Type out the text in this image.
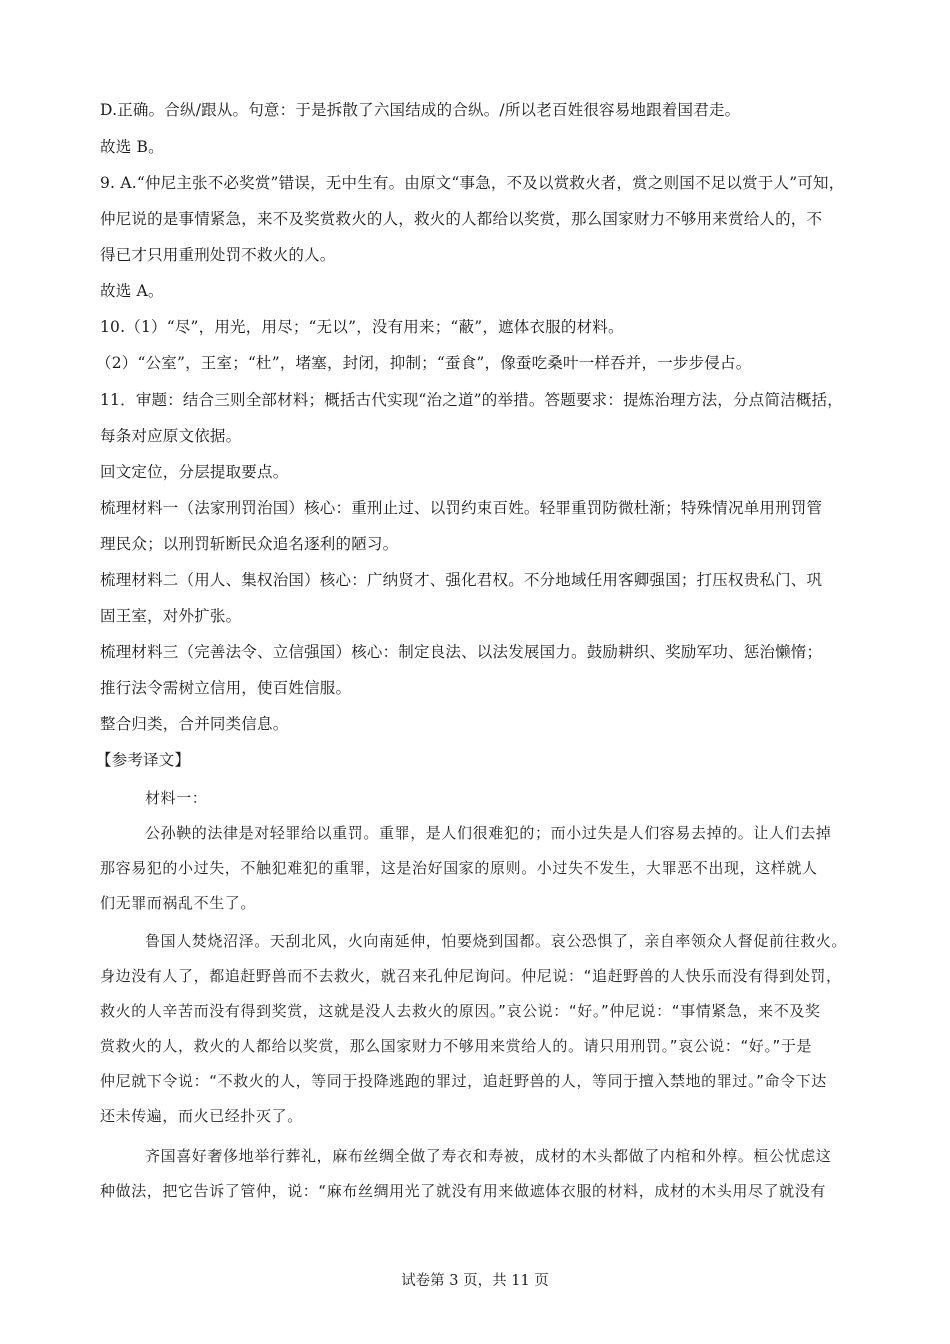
D.正确。合纵/跟从。句意：于是拆散了六国结成的合纵。/所以老百姓很容易地跟着国君走。
故选 B。
9. A.“仲尼主张不必奖赏”错误，无中生有。由原文“事急，不及以赏救火者，赏之则国不足以赏于人”可知，
仲尼说的是事情紧急，来不及奖赏救火的人，救火的人都给以奖赏，那么国家财力不够用来赏给人的，不
得已才只用重刑处罚不救火的人。
故选 A。
10.（1）“尽”，用光，用尽；“无以”，没有用来；“蔽”，遮体衣服的材料。
（2）“公室”，王室；“杜”，堵塞，封闭，抑制；“蚕食”，像蚕吃桑叶一样吞并，一步步侵占。
11．审题：结合三则全部材料；概括古代实现“治之道”的举措。答题要求：提炼治理方法，分点简洁概括，
每条对应原文依据。
回文定位，分层提取要点。
梳理材料一（法家刑罚治国）核心：重刑止过、以罚约束百姓。轻罪重罚防微杜渐；特殊情况单用刑罚管
理民众；以刑罚斩断民众追名逐利的陋习。
梳理材料二（用人、集权治国）核心：广纳贤才、强化君权。不分地域任用客卿强国；打压权贵私门、巩
固王室，对外扩张。
梳理材料三（完善法令、立信强国）核心：制定良法、以法发展国力。鼓励耕织、奖励军功、惩治懒惰；
推行法令需树立信用，使百姓信服。
整合归类，合并同类信息。
【参考译文】
材料一：
公孙鞅的法律是对轻罪给以重罚。重罪，是人们很难犯的；而小过失是人们容易去掉的。让人们去掉
那容易犯的小过失，不触犯难犯的重罪，这是治好国家的原则。小过失不发生，大罪恶不出现，这样就人
们无罪而祸乱不生了。
鲁国人焚烧沼泽。天刮北风，火向南延伸，怕要烧到国都。哀公恐惧了，亲自率领众人督促前往救火。
身边没有人了，都追赶野兽而不去救火，就召来孔仲尼询问。仲尼说：“追赶野兽的人快乐而没有得到处罚，
救火的人辛苦而没有得到奖赏，这就是没人去救火的原因。”哀公说：“好。”仲尼说：“事情紧急，来不及奖
赏救火的人，救火的人都给以奖赏，那么国家财力不够用来赏给人的。请只用刑罚。”哀公说：“好。”于是
仲尼就下令说：“不救火的人，等同于投降逃跑的罪过，追赶野兽的人，等同于擅入禁地的罪过。”命令下达
还未传遍，而火已经扑灭了。
齐国喜好奢侈地举行葬礼，麻布丝绸全做了寿衣和寿被，成材的木头都做了内棺和外椁。桓公忧虑这
种做法，把它告诉了管仲，说：“麻布丝绸用光了就没有用来做遮体衣服的材料，成材的木头用尽了就没有
试卷第 3 页，共 11 页
